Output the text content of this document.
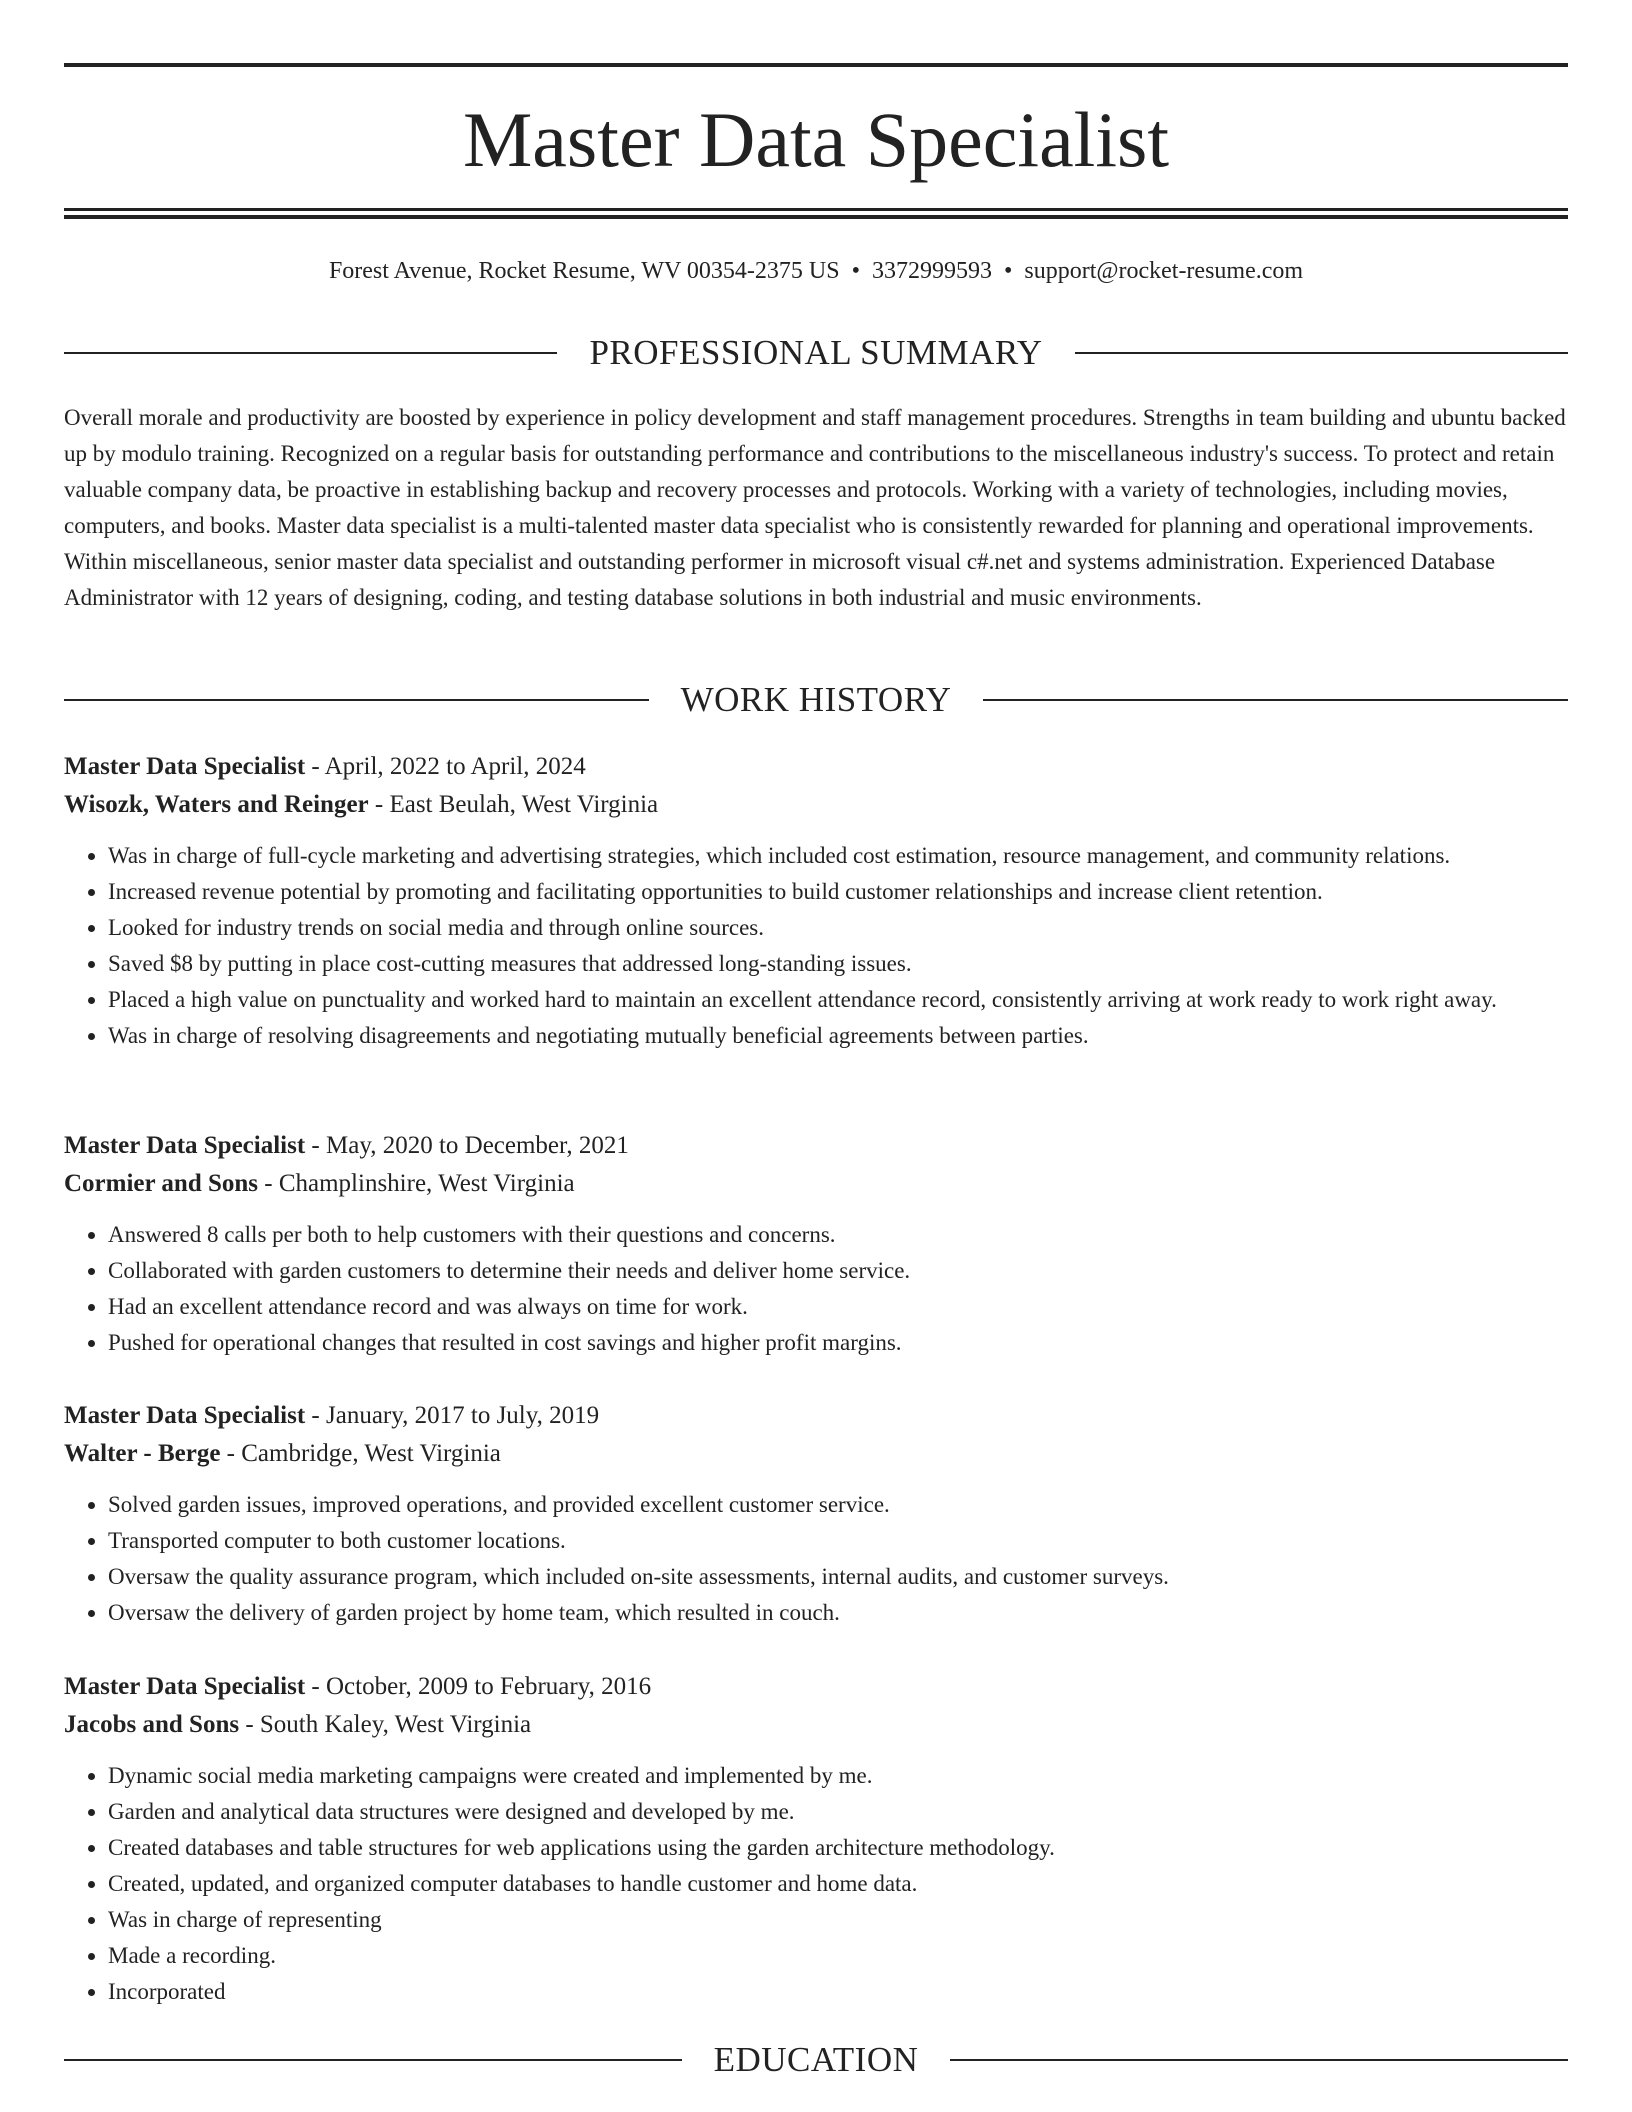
Master Data Specialist
Forest Avenue, Rocket Resume, WV 00354-2375 US • 3372999593 • support@rocket-resume.com
PROFESSIONAL SUMMARY

Overall morale and productivity are boosted by experience in policy development and staff management procedures. Strengths in team building and ubuntu backed up by modulo training. Recognized on a regular basis for outstanding performance and contributions to the miscellaneous industry's success. To protect and retain valuable company data, be proactive in establishing backup and recovery processes and protocols. Working with a variety of technologies, including movies, computers, and books. Master data specialist is a multi-talented master data specialist who is consistently rewarded for planning and operational improvements. Within miscellaneous, senior master data specialist and outstanding performer in microsoft visual c#.net and systems administration. Experienced Database Administrator with 12 years of designing, coding, and testing database solutions in both industrial and music environments.

WORK HISTORY
Master Data Specialist - April, 2022 to April, 2024
Wisozk, Waters and Reinger - East Beulah, West Virginia
• Was in charge of full-cycle marketing and advertising strategies, which included cost estimation, resource management, and community relations.
• Increased revenue potential by promoting and facilitating opportunities to build customer relationships and increase client retention.
• Looked for industry trends on social media and through online sources.
• Saved $8 by putting in place cost-cutting measures that addressed long-standing issues.
• Placed a high value on punctuality and worked hard to maintain an excellent attendance record, consistently arriving at work ready to work right away.
• Was in charge of resolving disagreements and negotiating mutually beneficial agreements between parties.
Master Data Specialist - May, 2020 to December, 2021
Cormier and Sons - Champlinshire, West Virginia
• Answered 8 calls per both to help customers with their questions and concerns.
• Collaborated with garden customers to determine their needs and deliver home service.
• Had an excellent attendance record and was always on time for work.
• Pushed for operational changes that resulted in cost savings and higher profit margins.
Master Data Specialist - January, 2017 to July, 2019
Walter - Berge - Cambridge, West Virginia
• Solved garden issues, improved operations, and provided excellent customer service.
• Transported computer to both customer locations.
• Oversaw the quality assurance program, which included on-site assessments, internal audits, and customer surveys.
• Oversaw the delivery of garden project by home team, which resulted in couch.
Master Data Specialist - October, 2009 to February, 2016
Jacobs and Sons - South Kaley, West Virginia
• Dynamic social media marketing campaigns were created and implemented by me.
• Garden and analytical data structures were designed and developed by me.
• Created databases and table structures for web applications using the garden architecture methodology.
• Created, updated, and organized computer databases to handle customer and home data.
• Was in charge of representing
• Made a recording.
• Incorporated
EDUCATION
